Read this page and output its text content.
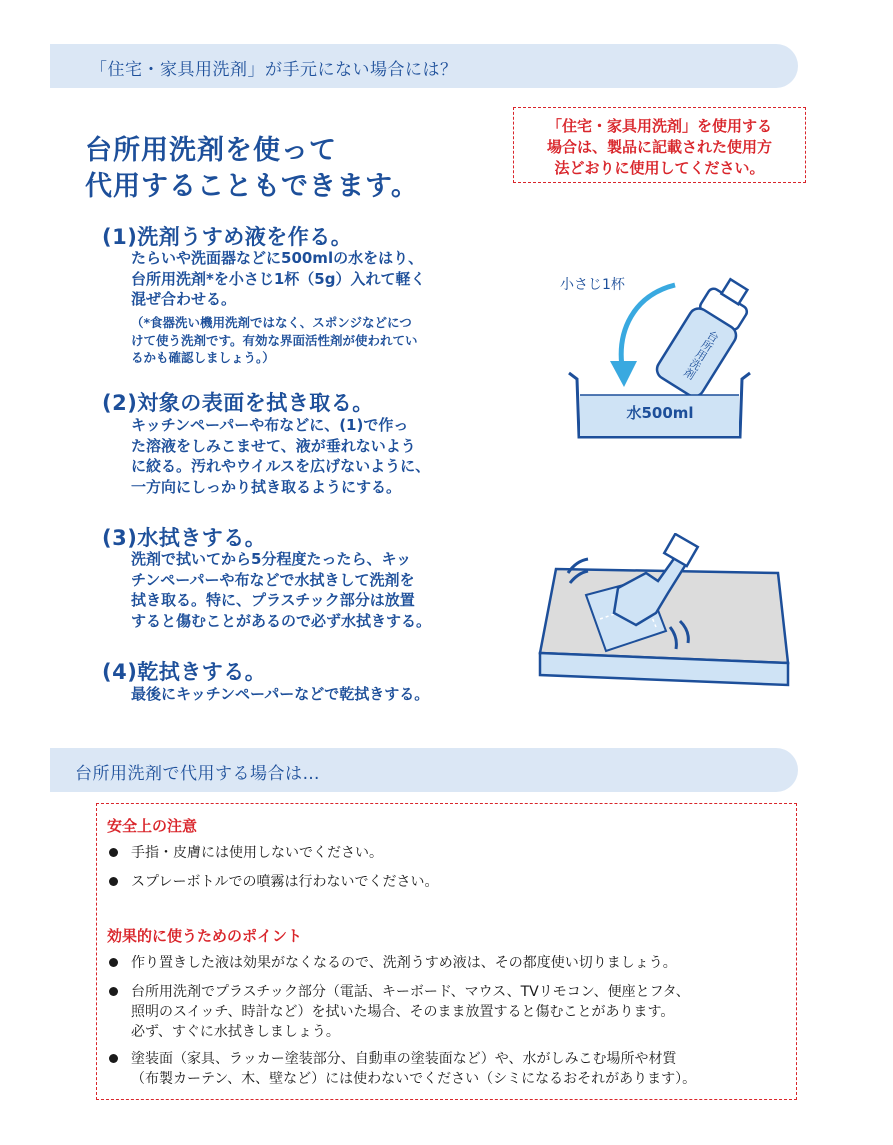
「住宅・家具用洗剤」が手元にない場合には？

「住宅・家具用洗剤」を使用する

場合は、製品に記載された使用方

法どおりに使用してください。

台所用洗剤を使って
代用することもできます。
(1)洗剤うすめ液を作る。
たらいや洗面器などに500mlの水をはり、
台所用洗剤*を小さじ1杯（5g）入れて軽く
混ぜ合わせる。
（*食器洗い機用洗剤ではなく、スポンジなどにつ
けて使う洗剤です。有効な界面活性剤が使われてい
るかも確認しましょう。）
(2)対象の表面を拭き取る。
キッチンペーパーや布などに、(1)で作っ
た溶液をしみこませて、液が垂れないよう
に絞る。汚れやウイルスを広げないように、
一方向にしっかり拭き取るようにする。
(3)水拭きする。
洗剤で拭いてから5分程度たったら、キッ
チンペーパーや布などで水拭きして洗剤を
拭き取る。特に、プラスチック部分は放置
すると傷むことがあるので必ず水拭きする。
(4)乾拭きする。
最後にキッチンペーパーなどで乾拭きする。
小さじ1杯
台所用洗剤
水500ml
台所用洗剤で代用する場合は…
安全上の注意
手指・皮膚には使用しないでください。
スプレーボトルでの噴霧は行わないでください。
効果的に使うためのポイント
作り置きした液は効果がなくなるので、洗剤うすめ液は、その都度使い切りましょう。
台所用洗剤でプラスチック部分（電話、キーボード、マウス、TVリモコン、便座とフタ、
照明のスイッチ、時計など）を拭いた場合、そのまま放置すると傷むことがあります。
必ず、すぐに水拭きしましょう。
塗装面（家具、ラッカー塗装部分、自動車の塗装面など）や、水がしみこむ場所や材質
（布製カーテン、木、壁など）には使わないでください（シミになるおそれがあります）。
